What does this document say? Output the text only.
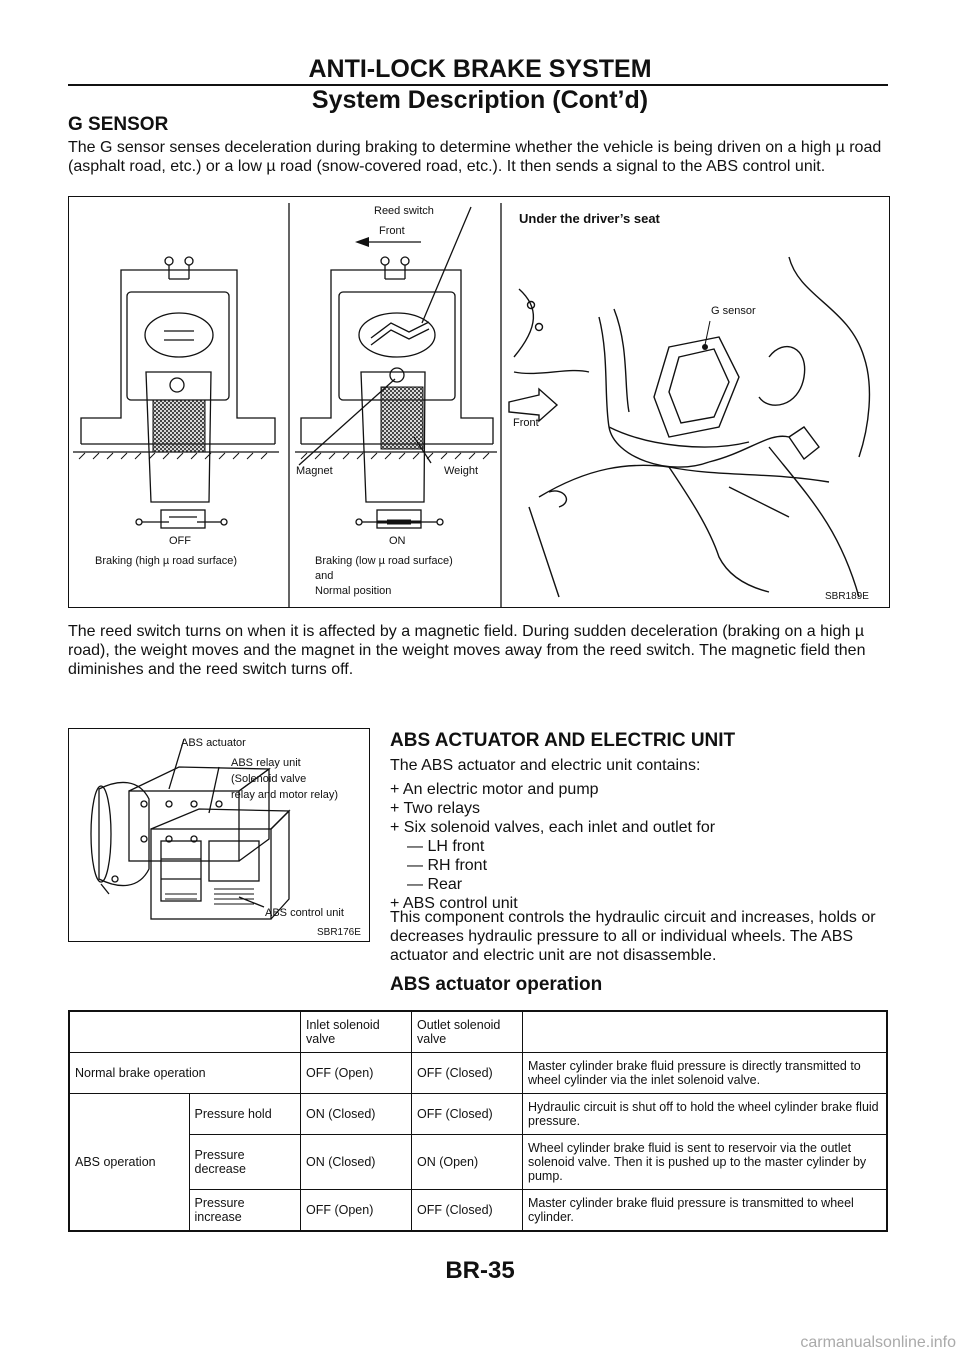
ANTI-LOCK BRAKE SYSTEM
System Description (Cont’d)
G SENSOR
The G sensor senses deceleration during braking to determine whether the vehicle is being driven on a high µ road (asphalt road, etc.) or a low µ road (snow-covered road, etc.). It then sends a signal to the ABS control unit.
Reed switch
Front
Magnet	Weight
OFF	ON
Braking (high µ road surface)	Braking (low µ road surface)
and
Normal position
Under the driver’s seat
G sensor
Front
SBR189E
The reed switch turns on when it is affected by a magnetic field. During sudden deceleration (braking on a high µ road), the weight moves and the magnet in the weight moves away from the reed switch. The magnetic field then diminishes and the reed switch turns off.
ABS actuator
ABS relay unit
(Solenoid valve
relay and motor relay)
ABS control unit
SBR176E
ABS ACTUATOR AND ELECTRIC UNIT
The ABS actuator and electric unit contains:
+ An electric motor and pump
+ Two relays
+ Six solenoid valves, each inlet and outlet for
— LH front
— RH front
— Rear
+ ABS control unit
This component controls the hydraulic circuit and increases, holds or decreases hydraulic pressure to all or individual wheels. The ABS actuator and electric unit are not disassemble.
ABS actuator operation
		Inlet solenoid valve	Outlet solenoid valve	
Normal brake operation		OFF (Open)	OFF (Closed)	Master cylinder brake fluid pressure is directly transmitted to wheel cylinder via the inlet solenoid valve.
ABS operation	Pressure hold	ON (Closed)	OFF (Closed)	Hydraulic circuit is shut off to hold the wheel cylinder brake fluid pressure.
	Pressure decrease	ON (Closed)	ON (Open)	Wheel cylinder brake fluid is sent to reservoir via the outlet solenoid valve. Then it is pushed up to the master cylinder by pump.
	Pressure increase	OFF (Open)	OFF (Closed)	Master cylinder brake fluid pressure is transmitted to wheel cylinder.
BR-35
carmanualsonline.info
